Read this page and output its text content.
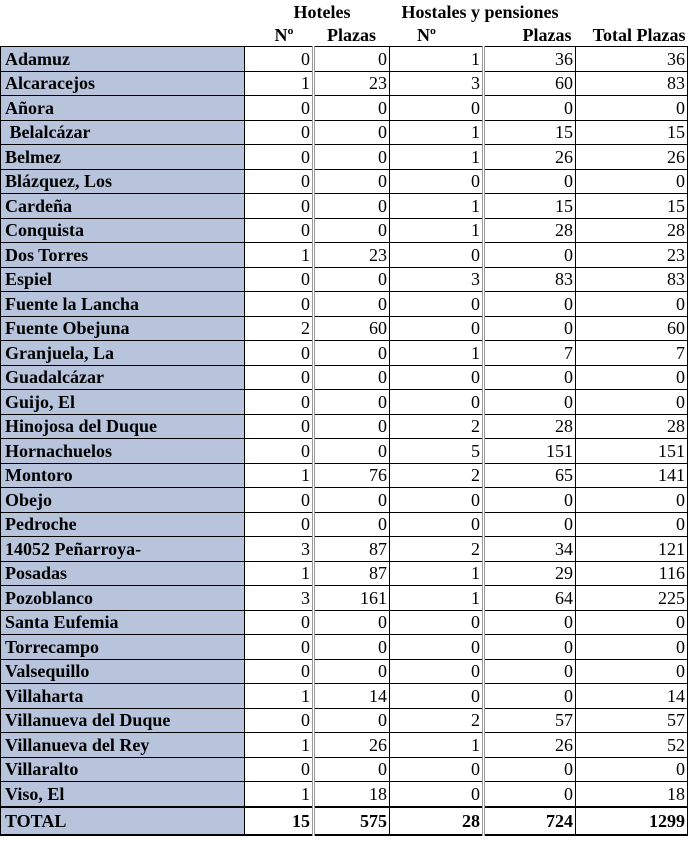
	Hoteles		Hostales y pensiones		
	Nº	Plazas	Nº	Plazas	Total Plazas
Adamuz	0	0	1	36	36
Alcaracejos	1	23	3	60	83
Añora	0	0	0	0	0
Belalcázar	0	0	1	15	15
Belmez	0	0	1	26	26
Blázquez, Los	0	0	0	0	0
Cardeña	0	0	1	15	15
Conquista	0	0	1	28	28
Dos Torres	1	23	0	0	23
Espiel	0	0	3	83	83
Fuente la Lancha	0	0	0	0	0
Fuente Obejuna	2	60	0	0	60
Granjuela, La	0	0	1	7	7
Guadalcázar	0	0	0	0	0
Guijo, El	0	0	0	0	0
Hinojosa del Duque	0	0	2	28	28
Hornachuelos	0	0	5	151	151
Montoro	1	76	2	65	141
Obejo	0	0	0	0	0
Pedroche	0	0	0	0	0
14052 Peñarroya-	3	87	2	34	121
Posadas	1	87	1	29	116
Pozoblanco	3	161	1	64	225
Santa Eufemia	0	0	0	0	0
Torrecampo	0	0	0	0	0
Valsequillo	0	0	0	0	0
Villaharta	1	14	0	0	14
Villanueva del Duque	0	0	2	57	57
Villanueva del Rey	1	26	1	26	52
Villaralto	0	0	0	0	0
Viso, El	1	18	0	0	18
TOTAL	15	575	28	724	1299
